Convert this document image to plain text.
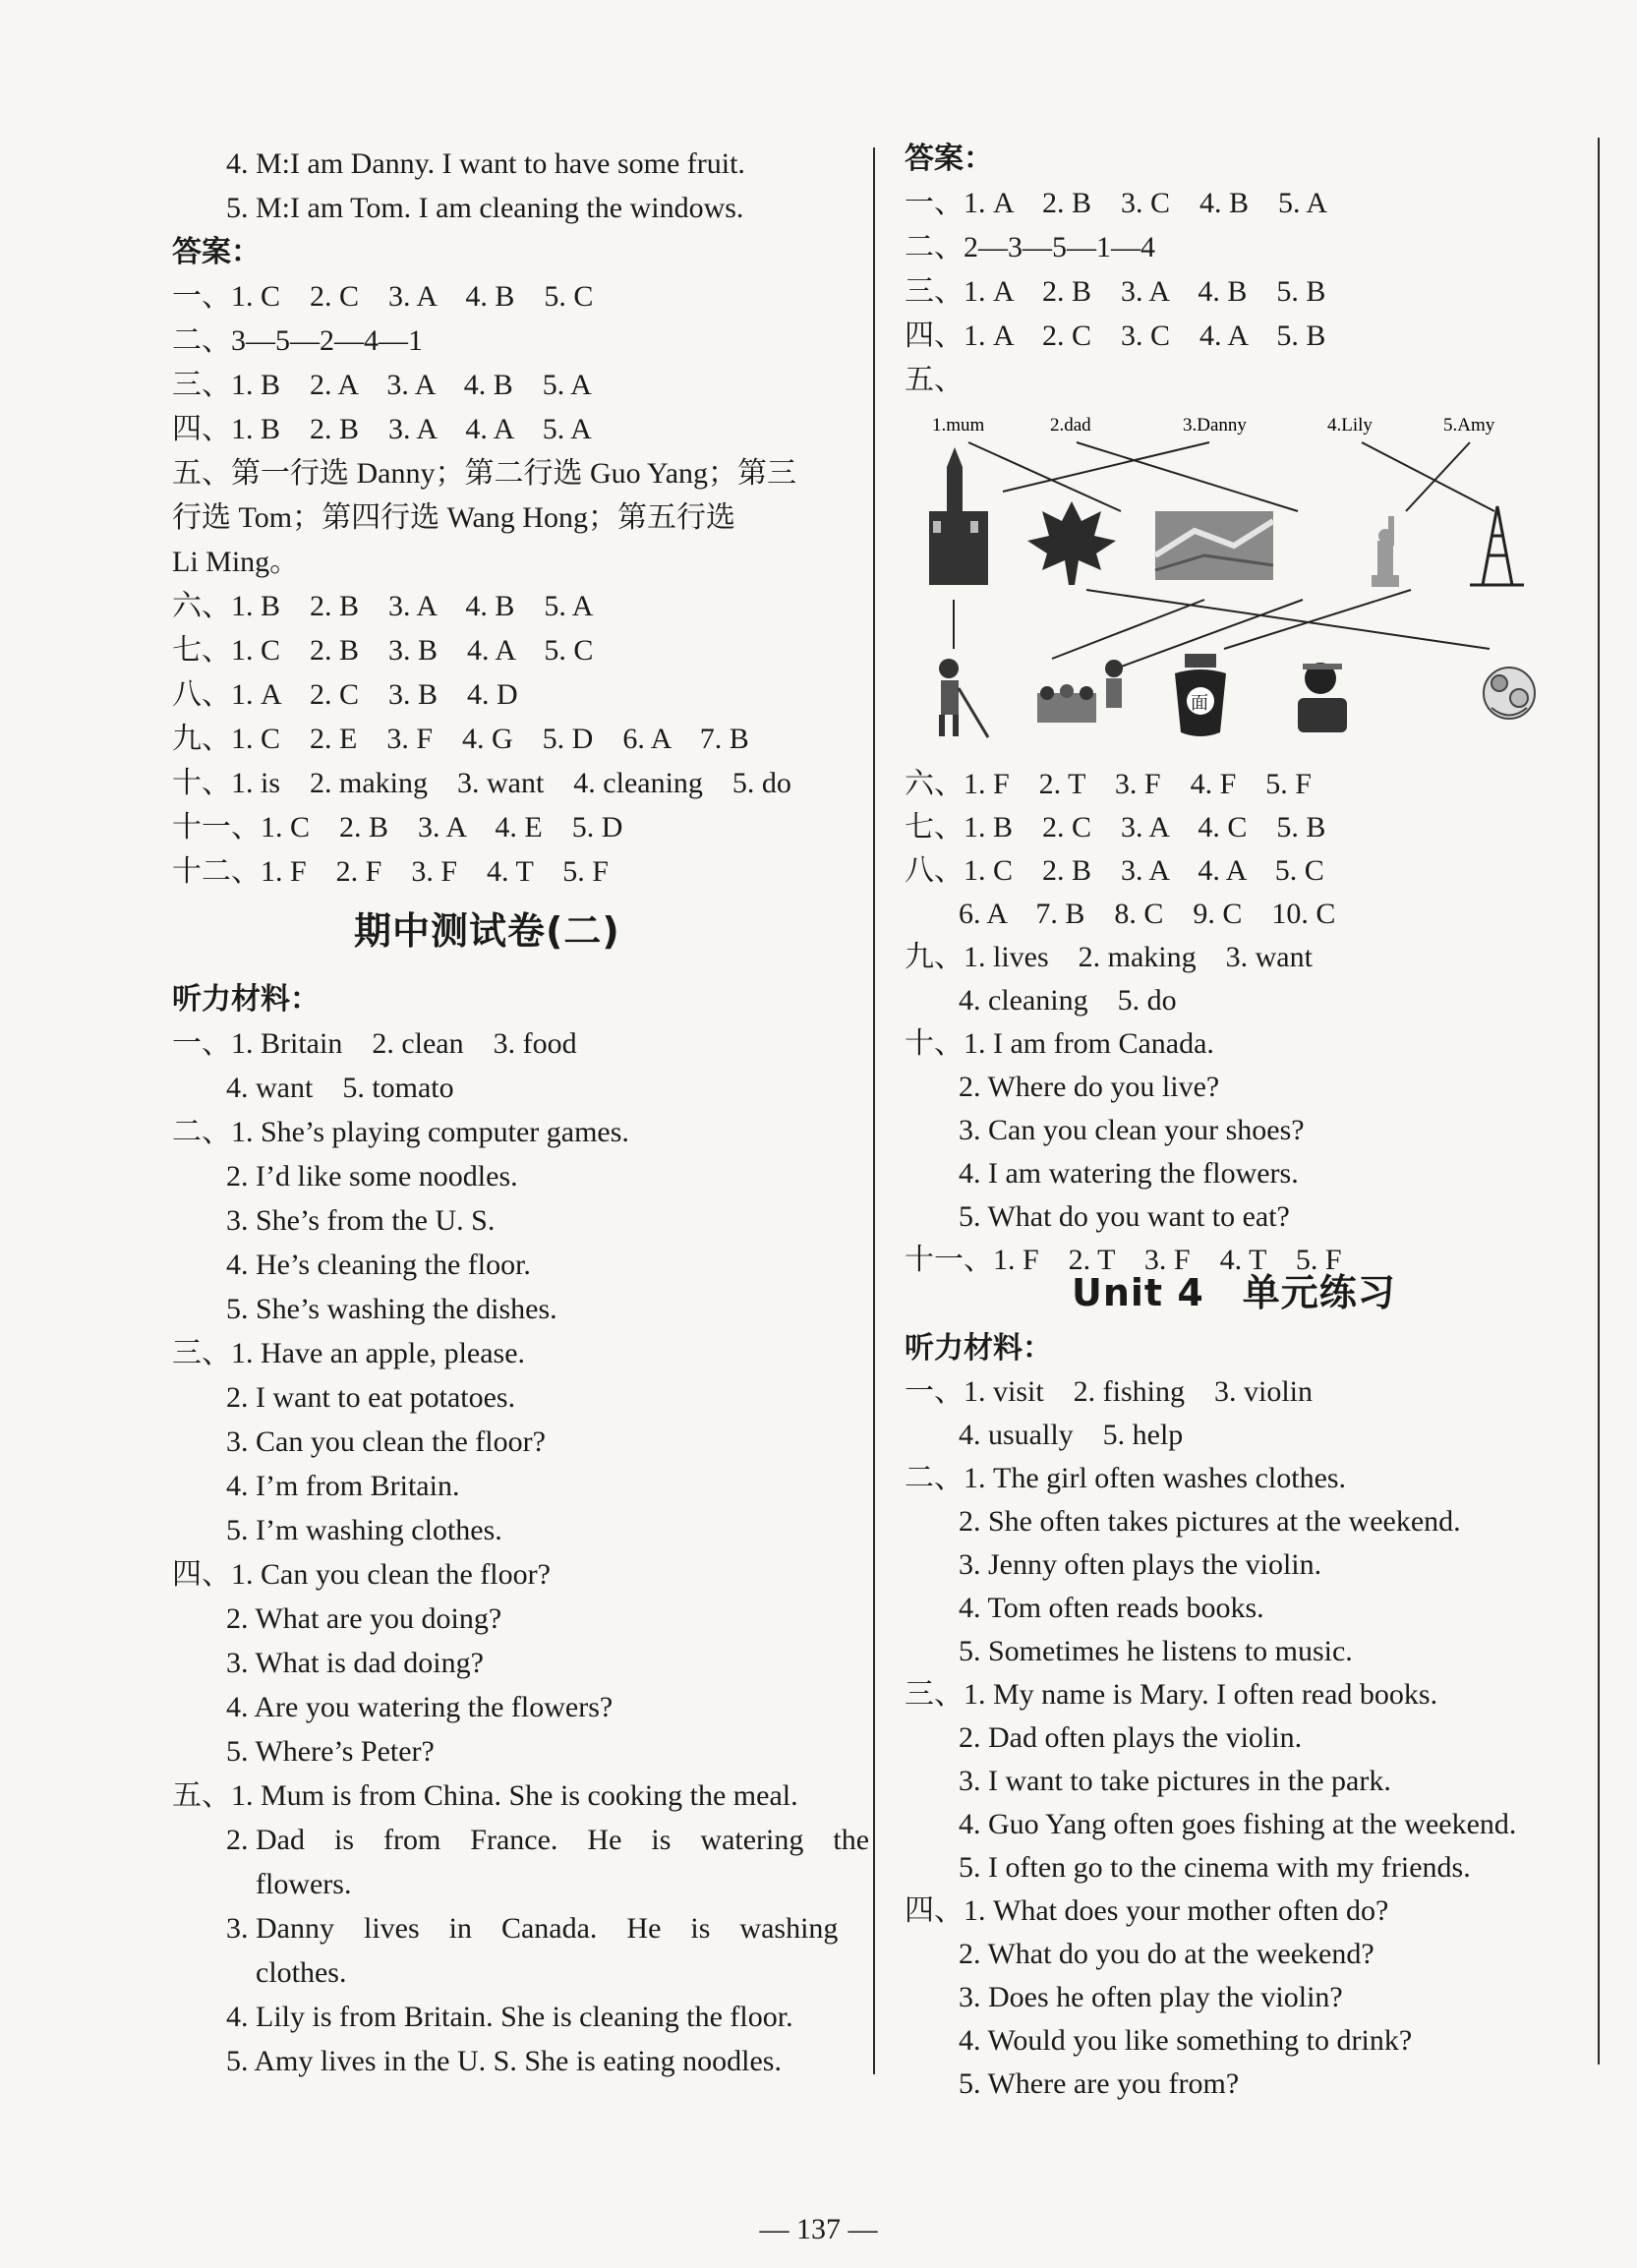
4. M:I am Danny. I want to have some fruit.
5. M:I am Tom. I am cleaning the windows.
答案：
一、1. C　2. C　3. A　4. B　5. C
二、3—5—2—4—1
三、1. B　2. A　3. A　4. B　5. A
四、1. B　2. B　3. A　4. A　5. A
五、第一行选 Danny；第二行选 Guo Yang；第三
行选 Tom；第四行选 Wang Hong；第五行选
Li Ming。
六、1. B　2. B　3. A　4. B　5. A
七、1. C　2. B　3. B　4. A　5. C
八、1. A　2. C　3. B　4. D
九、1. C　2. E　3. F　4. G　5. D　6. A　7. B
十、1. is　2. making　3. want　4. cleaning　5. do
十一、1. C　2. B　3. A　4. E　5. D
十二、1. F　2. F　3. F　4. T　5. F
听力材料：
一、1. Britain　2. clean　3. food
4. want　5. tomato
二、1. She’s playing computer games.
2. I’d like some noodles.
3. She’s from the U. S.
4. He’s cleaning the floor.
5. She’s washing the dishes.
三、1. Have an apple, please.
2. I want to eat potatoes.
3. Can you clean the floor?
4. I’m from Britain.
5. I’m washing clothes.
四、1. Can you clean the floor?
2. What are you doing?
3. What is dad doing?
4. Are you watering the flowers?
5. Where’s Peter?
五、1. Mum is from China. She is cooking the meal.
2. Dad　is　from　France.　He　is　watering　the
flowers.
3. Danny　lives　in　Canada.　He　is　washing
clothes.
4. Lily is from Britain. She is cleaning the floor.
5. Amy lives in the U. S. She is eating noodles.
期中测试卷(二)
答案：
一、1. A　2. B　3. C　4. B　5. A
二、2—3—5—1—4
三、1. A　2. B　3. A　4. B　5. B
四、1. A　2. C　3. C　4. A　5. B
五、
六、1. F　2. T　3. F　4. F　5. F
七、1. B　2. C　3. A　4. C　5. B
八、1. C　2. B　3. A　4. A　5. C
6. A　7. B　8. C　9. C　10. C
九、1. lives　2. making　3. want
4. cleaning　5. do
十、1. I am from Canada.
2. Where do you live?
3. Can you clean your shoes?
4. I am watering the flowers.
5. What do you want to eat?
十一、1. F　2. T　3. F　4. T　5. F
听力材料：
一、1. visit　2. fishing　3. violin
4. usually　5. help
二、1. The girl often washes clothes.
2. She often takes pictures at the weekend.
3. Jenny often plays the violin.
4. Tom often reads books.
5. Sometimes he listens to music.
三、1. My name is Mary. I often read books.
2. Dad often plays the violin.
3. I want to take pictures in the park.
4. Guo Yang often goes fishing at the weekend.
5. I often go to the cinema with my friends.
四、1. What does your mother often do?
2. What do you do at the weekend?
3. Does he often play the violin?
4. Would you like something to drink?
5. Where are you from?
Unit 4　单元练习
1.mum	2.dad	3.Danny	4.Lily	5.Amy
面
— 137 —
